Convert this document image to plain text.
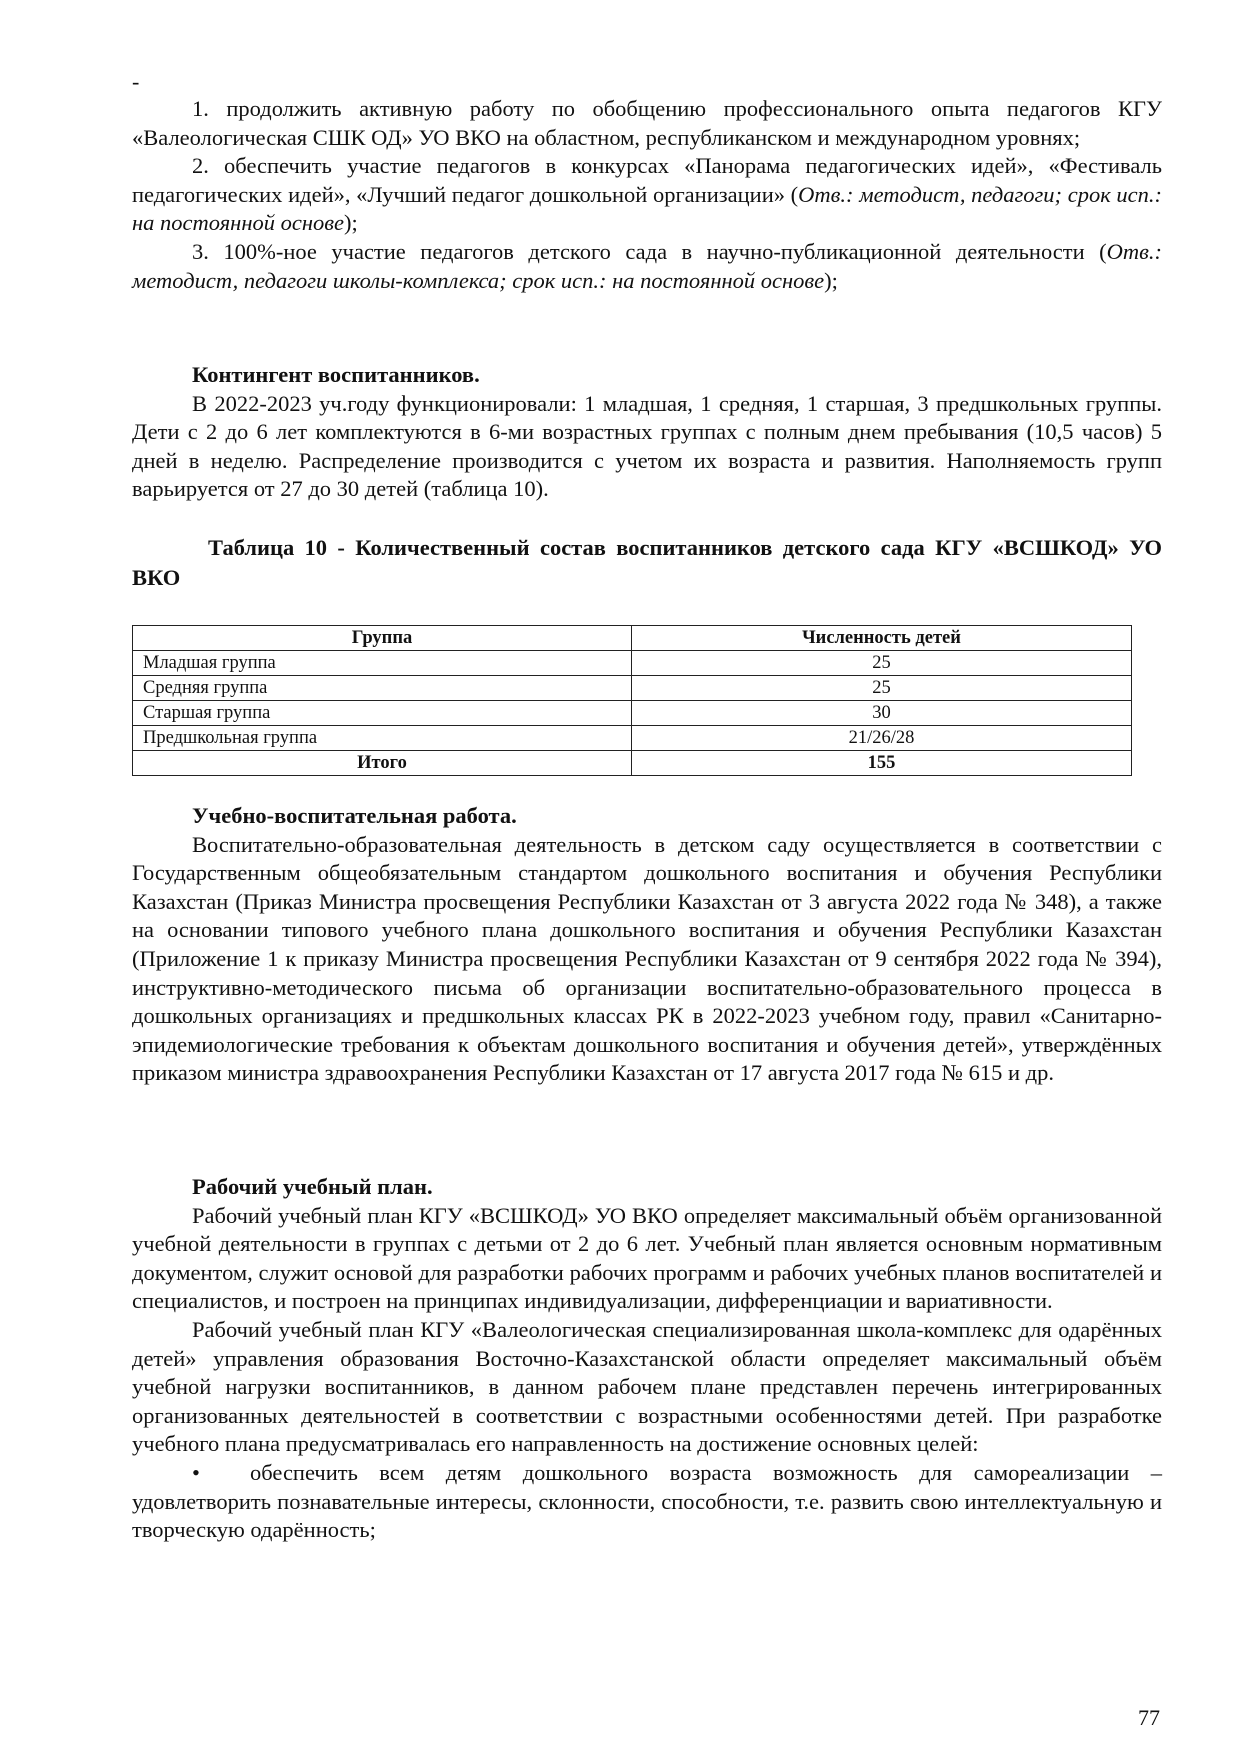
-

1. продолжить активную работу по обобщению профессионального опыта педагогов КГУ «Валеологическая СШК ОД» УО ВКО на областном, республиканском и международном уровнях;

2. обеспечить участие педагогов в конкурсах «Панорама педагогических идей», «Фестиваль педагогических идей», «Лучший педагог дошкольной организации» (Отв.: методист, педагоги; срок исп.: на постоянной основе);

3. 100%-ное участие педагогов детского сада в научно-публикационной деятельности (Отв.: методист, педагоги школы-комплекса; срок исп.: на постоянной основе);

Контингент воспитанников.

В 2022-2023 уч.году функционировали: 1 младшая, 1 средняя, 1 старшая, 3 предшкольных группы. Дети с 2 до 6 лет комплектуются в 6-ми возрастных группах с полным днем пребывания (10,5 часов) 5 дней в неделю. Распределение производится с учетом их возраста и развития. Наполняемость групп варьируется от 27 до 30 детей (таблица 10).

Таблица 10 - Количественный состав воспитанников детского сада КГУ «ВСШКОД» УО ВКО
Группа	Численность детей
Младшая группа	25
Средняя группа	25
Старшая группа	30
Предшкольная группа	21/26/28
Итого	155

Учебно-воспитательная работа.

Воспитательно-образовательная деятельность в детском саду осуществляется в соответствии с Государственным общеобязательным стандартом дошкольного воспитания и обучения Республики Казахстан (Приказ Министра просвещения Республики Казахстан от 3 августа 2022 года № 348), а также на основании типового учебного плана дошкольного воспитания и обучения Республики Казахстан (Приложение 1 к приказу Министра просвещения Республики Казахстан от 9 сентября 2022 года № 394), инструктивно-методического письма об организации воспитательно-образовательного процесса в дошкольных организациях и предшкольных классах РК в 2022-2023 учебном году, правил «Санитарно-эпидемиологические требования к объектам дошкольного воспитания и обучения детей», утверждённых приказом министра здравоохранения Республики Казахстан от 17 августа 2017 года № 615 и др.

Рабочий учебный план.

Рабочий учебный план КГУ «ВСШКОД» УО ВКО определяет максимальный объём организованной учебной деятельности в группах с детьми от 2 до 6 лет. Учебный план является основным нормативным документом, служит основой для разработки рабочих программ и рабочих учебных планов воспитателей и специалистов, и построен на принципах индивидуализации, дифференциации и вариативности.

Рабочий учебный план КГУ «Валеологическая специализированная школа-комплекс для одарённых детей» управления образования Восточно-Казахстанской области определяет максимальный объём учебной нагрузки воспитанников, в данном рабочем плане представлен перечень интегрированных организованных деятельностей в соответствии с возрастными особенностями детей. При разработке учебного плана предусматривалась его направленность на достижение основных целей:

• обеспечить всем детям дошкольного возраста возможность для самореализации – удовлетворить познавательные интересы, склонности, способности, т.е. развить свою интеллектуальную и творческую одарённость;

77
